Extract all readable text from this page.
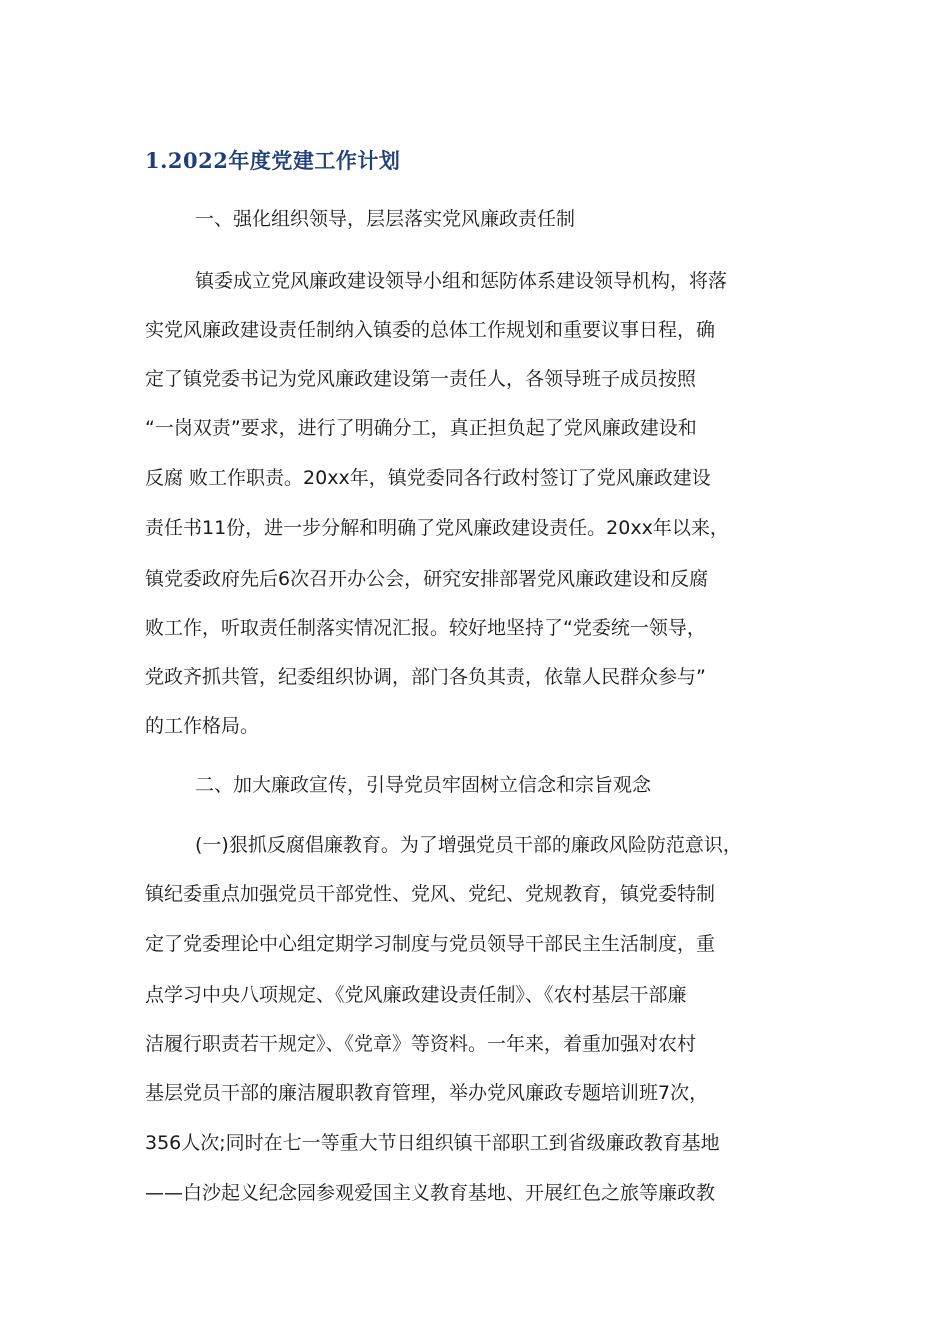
1.2022年度党建工作计划

一、强化组织领导，层层落实党风廉政责任制

镇委成立党风廉政建设领导小组和惩防体系建设领导机构，将落

实党风廉政建设责任制纳入镇委的总体工作规划和重要议事日程，确

定了镇党委书记为党风廉政建设第一责任人，各领导班子成员按照

“一岗双责”要求，进行了明确分工，真正担负起了党风廉政建设和

反腐 败工作职责。20xx年，镇党委同各行政村签订了党风廉政建设

责任书11份，进一步分解和明确了党风廉政建设责任。20xx年以来，

镇党委政府先后6次召开办公会，研究安排部署党风廉政建设和反腐

败工作，听取责任制落实情况汇报。较好地坚持了“党委统一领导，

党政齐抓共管，纪委组织协调，部门各负其责，依靠人民群众参与”

的工作格局。

二、加大廉政宣传，引导党员牢固树立信念和宗旨观念

(一)狠抓反腐倡廉教育。为了增强党员干部的廉政风险防范意识，

镇纪委重点加强党员干部党性、党风、党纪、党规教育，镇党委特制

定了党委理论中心组定期学习制度与党员领导干部民主生活制度，重

点学习中央八项规定、《党风廉政建设责任制》、《农村基层干部廉

洁履行职责若干规定》、《党章》等资料。一年来，着重加强对农村

基层党员干部的廉洁履职教育管理，举办党风廉政专题培训班7次，

356人次;同时在七一等重大节日组织镇干部职工到省级廉政教育基地

——白沙起义纪念园参观爱国主义教育基地、开展红色之旅等廉政教
